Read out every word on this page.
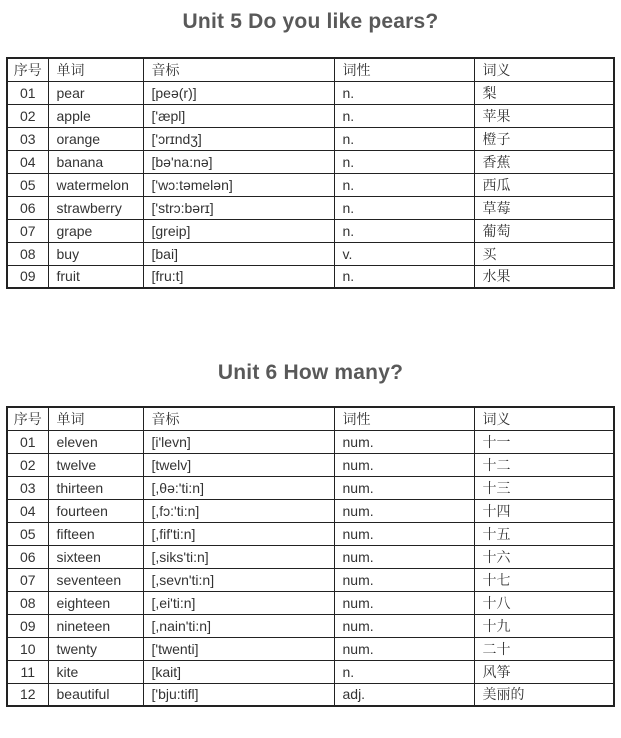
Unit 5 Do you like pears?
序号	单词	音标	词性	词义
01	pear	[peə(r)]	n.	梨
02	apple	['æpl]	n.	苹果
03	orange	['ɔrɪndʒ]	n.	橙子
04	banana	[bə'na:nə]	n.	香蕉
05	watermelon	['wɔ:təmelən]	n.	西瓜
06	strawberry	['strɔ:bərɪ]	n.	草莓
07	grape	[greip]	n.	葡萄
08	buy	[bai]	v.	买
09	fruit	[fru:t]	n.	水果
Unit 6 How many?
序号	单词	音标	词性	词义
01	eleven	[i'levn]	num.	十一
02	twelve	[twelv]	num.	十二
03	thirteen	[,θə:'ti:n]	num.	十三
04	fourteen	[,fɔ:'ti:n]	num.	十四
05	fifteen	[,fif'ti:n]	num.	十五
06	sixteen	[,siks'ti:n]	num.	十六
07	seventeen	[,sevn'ti:n]	num.	十七
08	eighteen	[,ei'ti:n]	num.	十八
09	nineteen	[,nain'ti:n]	num.	十九
10	twenty	['twenti]	num.	二十
11	kite	[kait]	n.	风筝
12	beautiful	['bju:tifl]	adj.	美丽的
